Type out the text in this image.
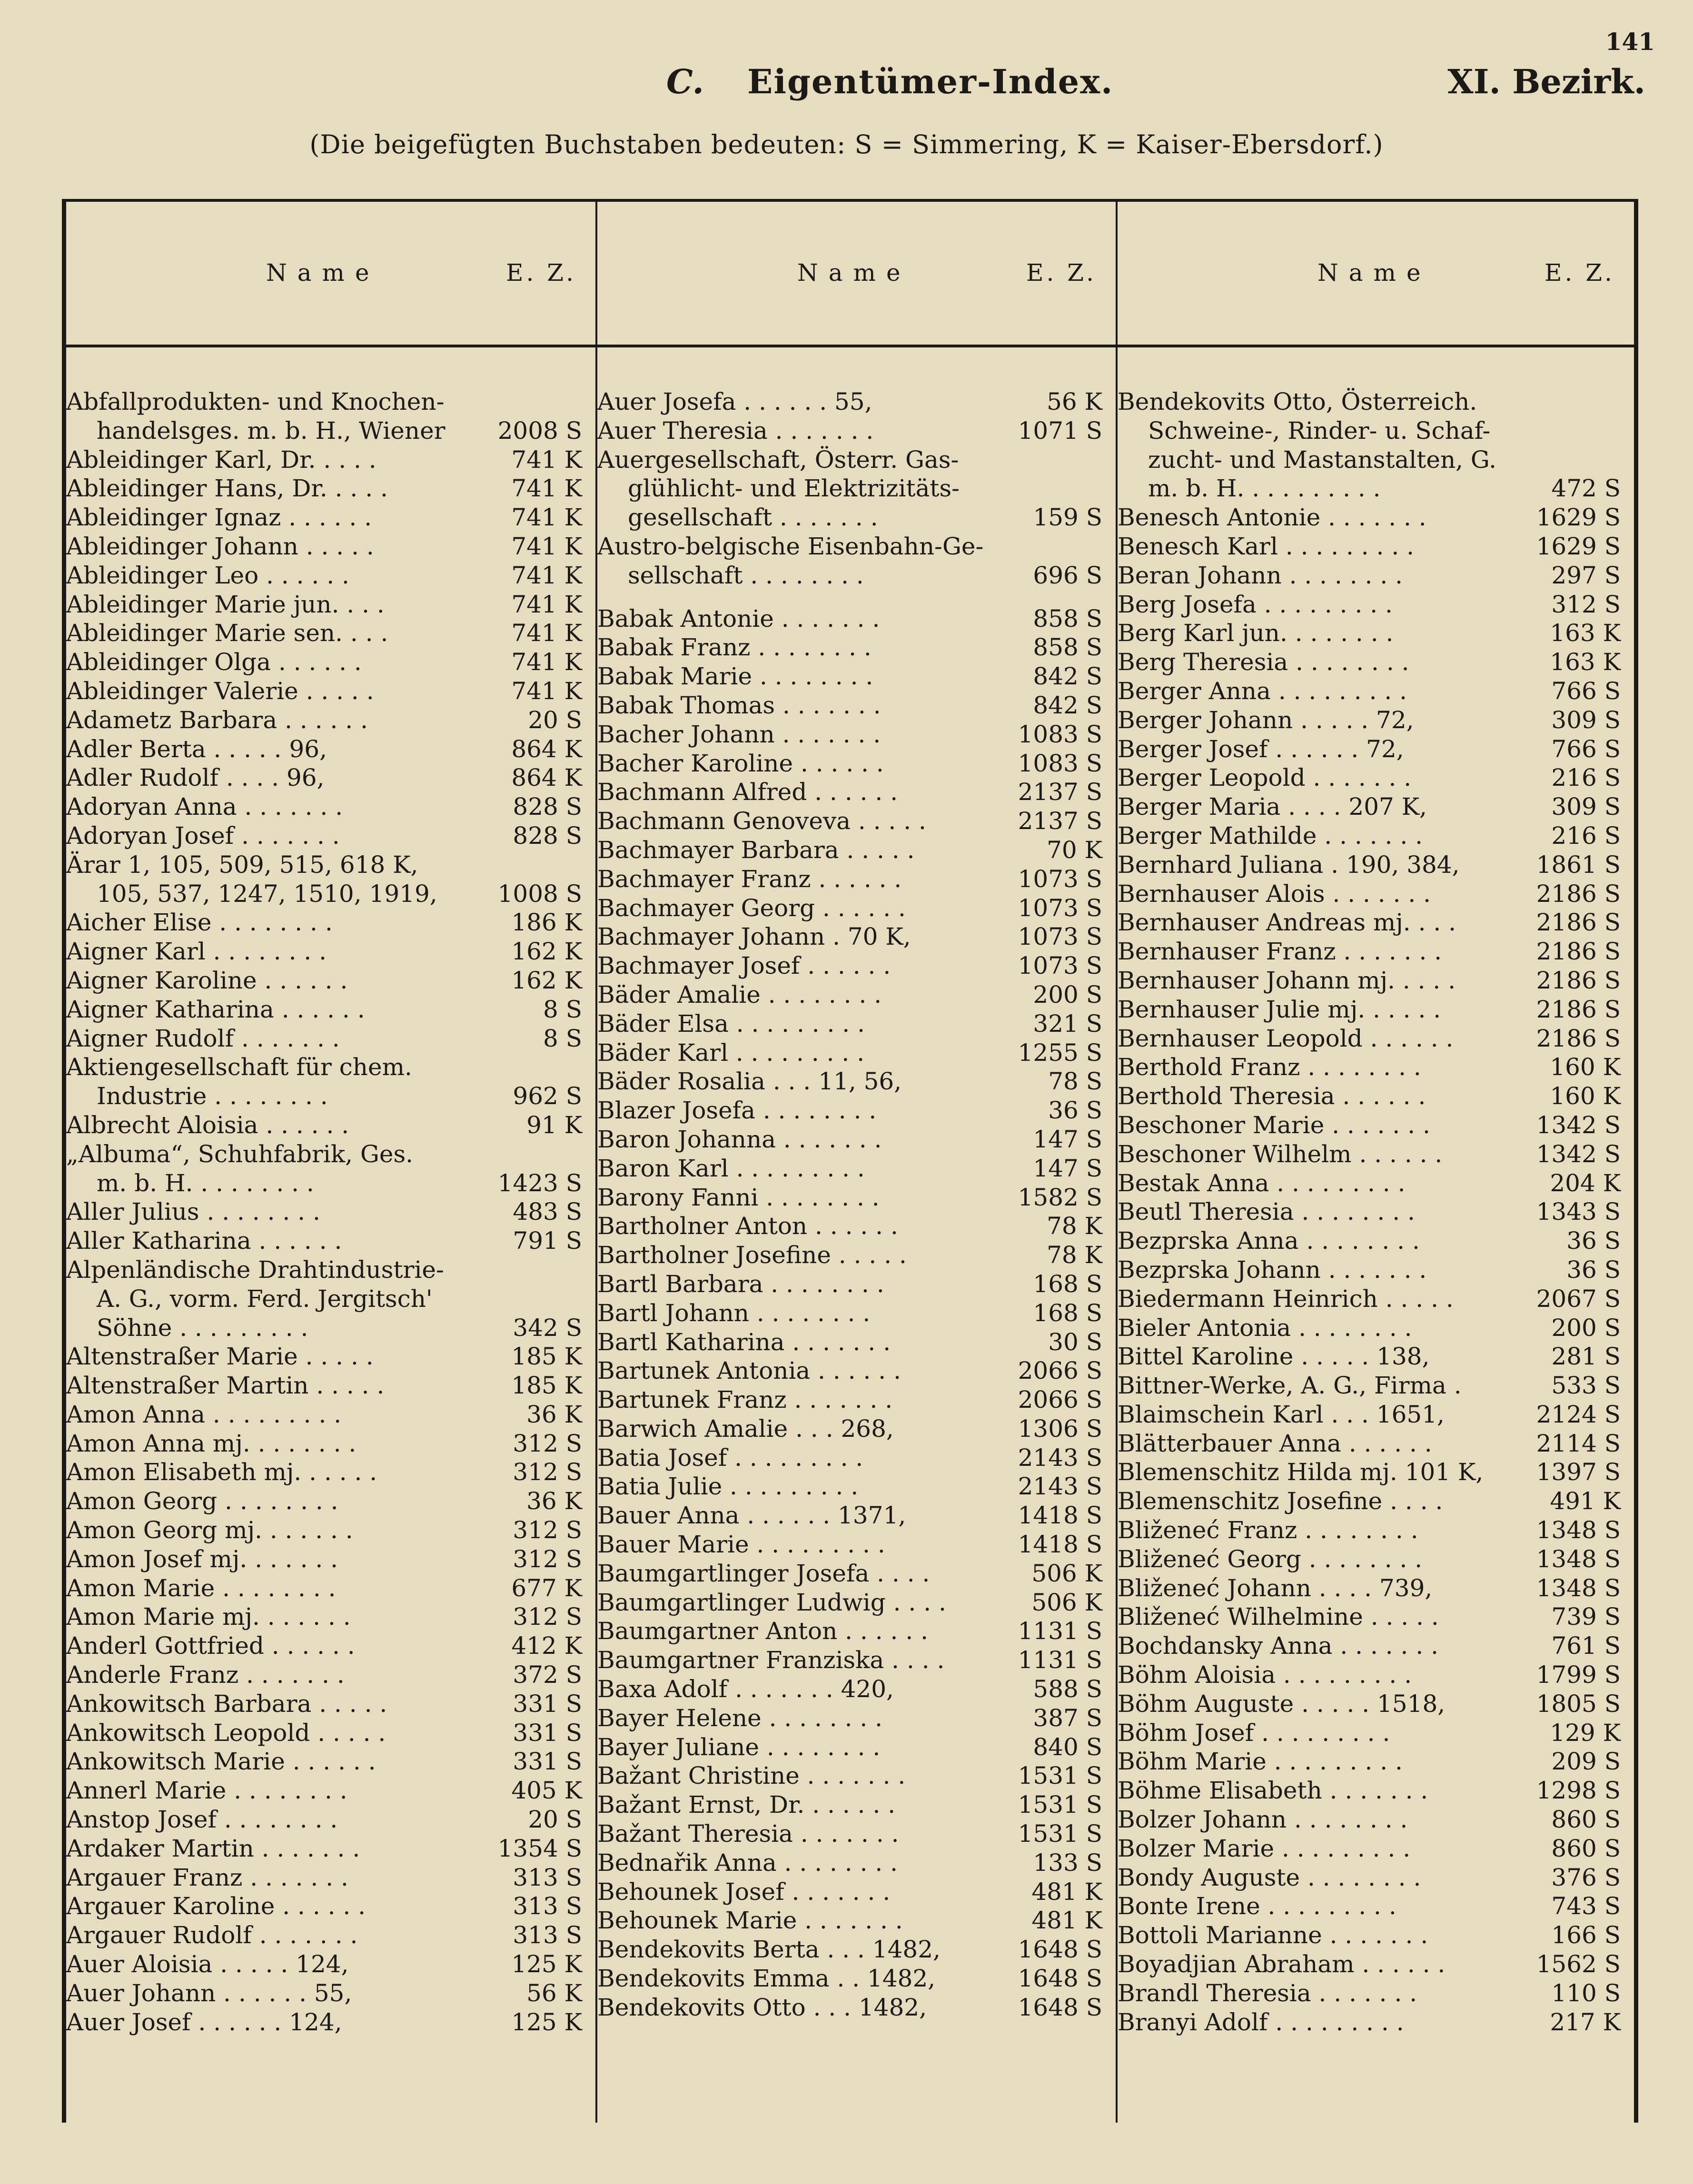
141
C. Eigentümer-Index.	XI. Bezirk.
(Die beigefügten Buchstaben bedeuten: S = Simmering, K = Kaiser-Ebersdorf.)
Name	E. Z.
Abfallprodukten- und Knochen-
handelsges. m. b. H., Wiener 2008 S
Ableidinger Karl, Dr. . . . .	741 K
Ableidinger Hans, Dr. . . . .	741 K
Ableidinger Ignaz . . . . . .	741 K
Ableidinger Johann . . . . .	741 K
Ableidinger Leo . . . . . .	741 K
Ableidinger Marie jun. . . .	741 K
Ableidinger Marie sen. . . .	741 K
Ableidinger Olga . . . . . .	741 K
Ableidinger Valerie . . . . .	741 K
Adametz Barbara . . . . . .	20 S
Adler Berta . . . . . 96,	864 K
Adler Rudolf . . . . 96,	864 K
Adoryan Anna . . . . . . .	828 S
Adoryan Josef . . . . . . .	828 S
Ärar 1, 105, 509, 515, 618 K,
105, 537, 1247, 1510, 1919,	1008 S
Aicher Elise . . . . . . . .	186 K
Aigner Karl . . . . . . . .	162 K
Aigner Karoline . . . . . .	162 K
Aigner Katharina . . . . . .	8 S
Aigner Rudolf . . . . . . .	8 S
Aktiengesellschaft für chem.
Industrie . . . . . . . .	962 S
Albrecht Aloisia . . . . . .	91 K
„Albuma“, Schuhfabrik, Ges.
m. b. H. . . . . . . . .	1423 S
Aller Julius . . . . . . . .	483 S
Aller Katharina . . . . . .	791 S
Alpenländische Drahtindustrie-
A. G., vorm. Ferd. Jergitsch'
Söhne . . . . . . . . .	342 S
Altenstraßer Marie . . . . .	185 K
Altenstraßer Martin . . . . .	185 K
Amon Anna . . . . . . . . .	36 K
Amon Anna mj. . . . . . . .	312 S
Amon Elisabeth mj. . . . . .	312 S
Amon Georg . . . . . . . .	36 K
Amon Georg mj. . . . . . .	312 S
Amon Josef mj. . . . . . .	312 S
Amon Marie . . . . . . . .	677 K
Amon Marie mj. . . . . . .	312 S
Anderl Gottfried . . . . . .	412 K
Anderle Franz . . . . . . .	372 S
Ankowitsch Barbara . . . . .	331 S
Ankowitsch Leopold . . . . .	331 S
Ankowitsch Marie . . . . . .	331 S
Annerl Marie . . . . . . . .	405 K
Anstop Josef . . . . . . . .	20 S
Ardaker Martin . . . . . . .	1354 S
Argauer Franz . . . . . . .	313 S
Argauer Karoline . . . . . .	313 S
Argauer Rudolf . . . . . . .	313 S
Auer Aloisia . . . . . 124,	125 K
Auer Johann . . . . . . 55,	56 K
Auer Josef . . . . . . 124,	125 K
Name	E. Z.
Auer Josefa . . . . . . 55,	56 K
Auer Theresia . . . . . . .	1071 S
Auergesellschaft, Österr. Gas-
glühlicht- und Elektrizitäts-
gesellschaft . . . . . . .	159 S
Austro-belgische Eisenbahn-Ge-
sellschaft . . . . . . . .	696 S
Babak Antonie . . . . . . .	858 S
Babak Franz . . . . . . . .	858 S
Babak Marie . . . . . . . .	842 S
Babak Thomas . . . . . . .	842 S
Bacher Johann . . . . . . .	1083 S
Bacher Karoline . . . . . .	1083 S
Bachmann Alfred . . . . . .	2137 S
Bachmann Genoveva . . . . .	2137 S
Bachmayer Barbara . . . . .	70 K
Bachmayer Franz . . . . . .	1073 S
Bachmayer Georg . . . . . .	1073 S
Bachmayer Johann . 70 K,	1073 S
Bachmayer Josef . . . . . .	1073 S
Bäder Amalie . . . . . . . .	200 S
Bäder Elsa . . . . . . . . .	321 S
Bäder Karl . . . . . . . . .	1255 S
Bäder Rosalia . . . 11, 56,	78 S
Blazer Josefa . . . . . . . .	36 S
Baron Johanna . . . . . . .	147 S
Baron Karl . . . . . . . . .	147 S
Barony Fanni . . . . . . . .	1582 S
Bartholner Anton . . . . . .	78 K
Bartholner Josefine . . . . .	78 K
Bartl Barbara . . . . . . . .	168 S
Bartl Johann . . . . . . . .	168 S
Bartl Katharina . . . . . . .	30 S
Bartunek Antonia . . . . . .	2066 S
Bartunek Franz . . . . . . .	2066 S
Barwich Amalie . . . 268,	1306 S
Batia Josef . . . . . . . . .	2143 S
Batia Julie . . . . . . . . .	2143 S
Bauer Anna . . . . . . 1371,	1418 S
Bauer Marie . . . . . . . . .	1418 S
Baumgartlinger Josefa . . . .	506 K
Baumgartlinger Ludwig . . . .	506 K
Baumgartner Anton . . . . . .	1131 S
Baumgartner Franziska . . . .	1131 S
Baxa Adolf . . . . . . . 420,	588 S
Bayer Helene . . . . . . . .	387 S
Bayer Juliane . . . . . . . .	840 S
Bažant Christine . . . . . . .	1531 S
Bažant Ernst, Dr. . . . . . .	1531 S
Bažant Theresia . . . . . . .	1531 S
Bednařik Anna . . . . . . . .	133 S
Behounek Josef . . . . . . .	481 K
Behounek Marie . . . . . . .	481 K
Bendekovits Berta . . . 1482,	1648 S
Bendekovits Emma . . 1482,	1648 S
Bendekovits Otto . . . 1482,	1648 S
Name	E. Z.
Bendekovits Otto, Österreich.
Schweine-, Rinder- u. Schaf-
zucht- und Mastanstalten, G.
m. b. H. . . . . . . . . .	472 S
Benesch Antonie . . . . . . .	1629 S
Benesch Karl . . . . . . . . .	1629 S
Beran Johann . . . . . . . .	297 S
Berg Josefa . . . . . . . . .	312 S
Berg Karl jun. . . . . . . .	163 K
Berg Theresia . . . . . . . .	163 K
Berger Anna . . . . . . . . .	766 S
Berger Johann . . . . . 72,	309 S
Berger Josef . . . . . . 72,	766 S
Berger Leopold . . . . . . .	216 S
Berger Maria . . . . 207 K,	309 S
Berger Mathilde . . . . . . .	216 S
Bernhard Juliana . 190, 384,	1861 S
Bernhauser Alois . . . . . . .	2186 S
Bernhauser Andreas mj. . . .	2186 S
Bernhauser Franz . . . . . . .	2186 S
Bernhauser Johann mj. . . . .	2186 S
Bernhauser Julie mj. . . . . .	2186 S
Bernhauser Leopold . . . . . .	2186 S
Berthold Franz . . . . . . . .	160 K
Berthold Theresia . . . . . .	160 K
Beschoner Marie . . . . . . .	1342 S
Beschoner Wilhelm . . . . . .	1342 S
Bestak Anna . . . . . . . . .	204 K
Beutl Theresia . . . . . . . .	1343 S
Bezprska Anna . . . . . . . .	36 S
Bezprska Johann . . . . . . .	36 S
Biedermann Heinrich . . . . .	2067 S
Bieler Antonia . . . . . . . .	200 S
Bittel Karoline . . . . . 138,	281 S
Bittner-Werke, A. G., Firma .	533 S
Blaimschein Karl . . . 1651,	2124 S
Blätterbauer Anna . . . . . .	2114 S
Blemenschitz Hilda mj. 101 K, 1397 S
Blemenschitz Josefine . . . .	491 K
Bliženeć Franz . . . . . . . .	1348 S
Bliženeć Georg . . . . . . . .	1348 S
Bliženeć Johann . . . . 739,	1348 S
Bliženeć Wilhelmine . . . . .	739 S
Bochdansky Anna . . . . . . .	761 S
Böhm Aloisia . . . . . . . . .	1799 S
Böhm Auguste . . . . . 1518,	1805 S
Böhm Josef . . . . . . . . .	129 K
Böhm Marie . . . . . . . . .	209 S
Böhme Elisabeth . . . . . . .	1298 S
Bolzer Johann . . . . . . . .	860 S
Bolzer Marie . . . . . . . . .	860 S
Bondy Auguste . . . . . . . .	376 S
Bonte Irene . . . . . . . . .	743 S
Bottoli Marianne . . . . . . .	166 S
Boyadjian Abraham . . . . . .	1562 S
Brandl Theresia . . . . . . .	110 S
Branyi Adolf . . . . . . . . .	217 K
